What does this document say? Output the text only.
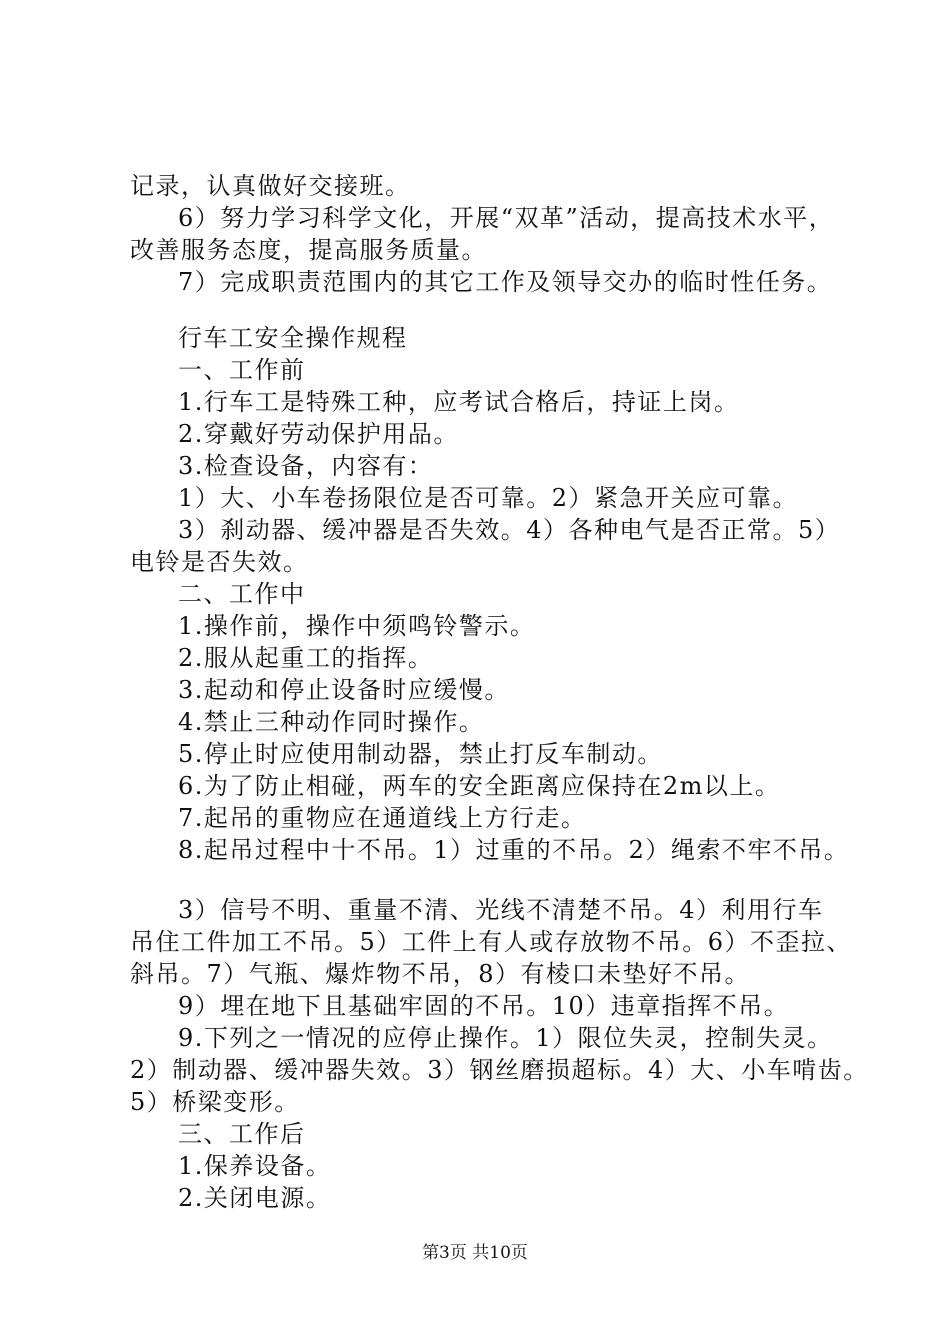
记录，认真做好交接班。
6）努力学习科学文化，开展“双革”活动，提高技术水平，
改善服务态度，提高服务质量。
7）完成职责范围内的其它工作及领导交办的临时性任务。
行车工安全操作规程
一、工作前
1.行车工是特殊工种，应考试合格后，持证上岗。
2.穿戴好劳动保护用品。
3.检查设备，内容有：
1）大、小车卷扬限位是否可靠。2）紧急开关应可靠。
3）刹动器、缓冲器是否失效。4）各种电气是否正常。5）
电铃是否失效。
二、工作中
1.操作前，操作中须鸣铃警示。
2.服从起重工的指挥。
3.起动和停止设备时应缓慢。
4.禁止三种动作同时操作。
5.停止时应使用制动器，禁止打反车制动。
6.为了防止相碰，两车的安全距离应保持在2m以上。
7.起吊的重物应在通道线上方行走。
8.起吊过程中十不吊。1）过重的不吊。2）绳索不牢不吊。
3）信号不明、重量不清、光线不清楚不吊。4）利用行车
吊住工件加工不吊。5）工件上有人或存放物不吊。6）不歪拉、
斜吊。7）气瓶、爆炸物不吊，8）有棱口未垫好不吊。
9）埋在地下且基础牢固的不吊。10）违章指挥不吊。
9.下列之一情况的应停止操作。1）限位失灵，控制失灵。
2）制动器、缓冲器失效。3）钢丝磨损超标。4）大、小车啃齿。
5）桥梁变形。
三、工作后
1.保养设备。
2.关闭电源。
第3页 共10页
